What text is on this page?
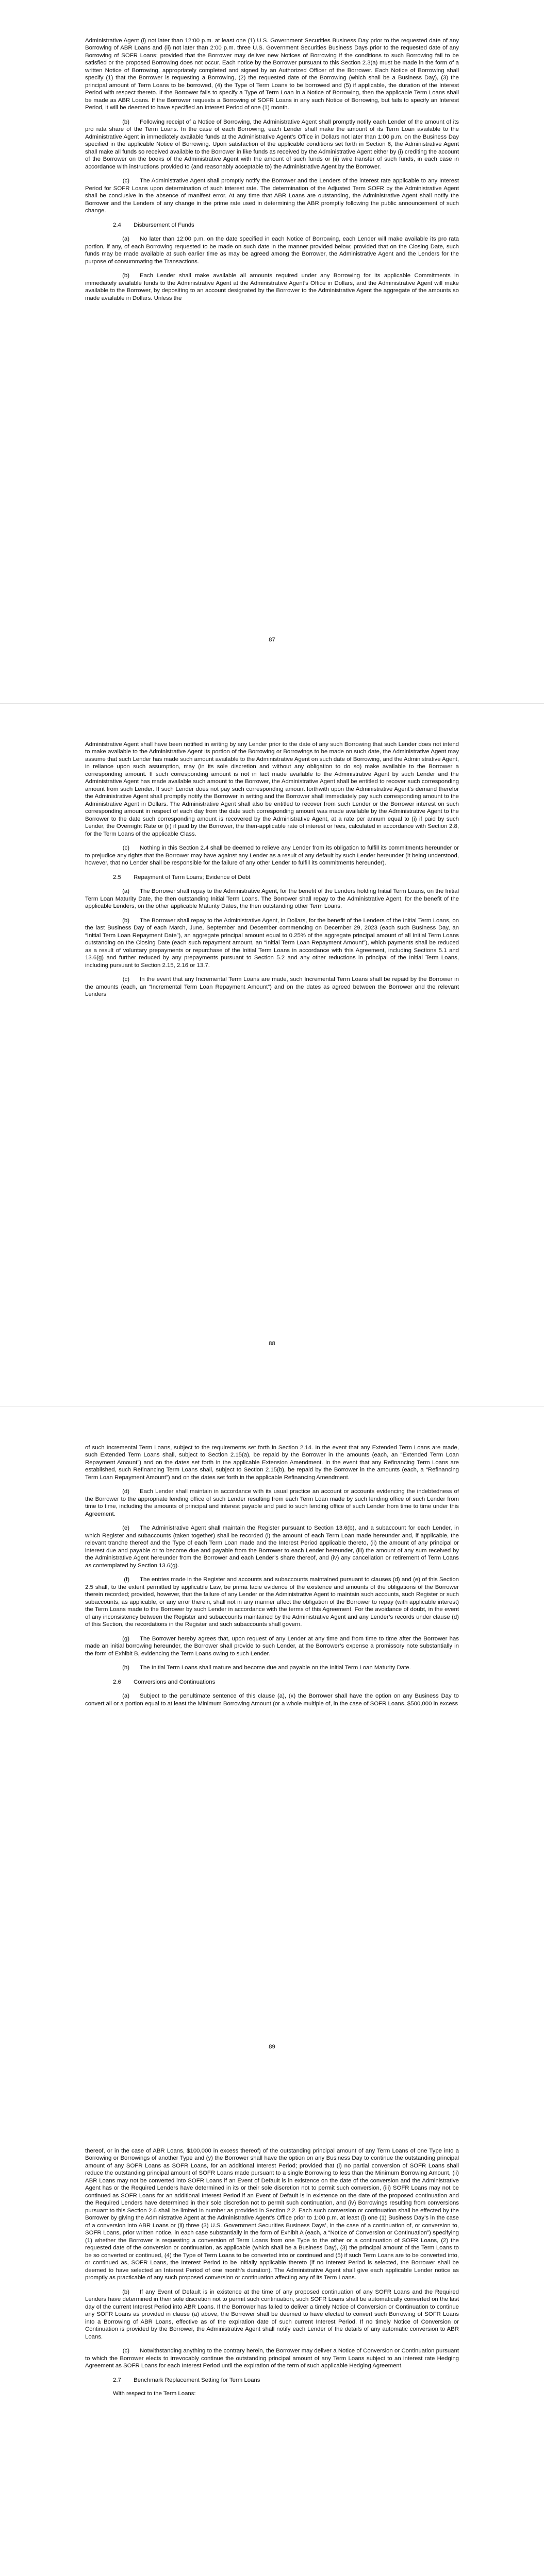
Administrative Agent (i) not later than 12:00 p.m. at least one (1) U.S. Government Securities Business Day prior to the requested date of any Borrowing of ABR Loans and (ii) not later than 2:00 p.m. three U.S. Government Securities Business Days prior to the requested date of any Borrowing of SOFR Loans; provided that the Borrower may deliver new Notices of Borrowing if the conditions to such Borrowing fail to be satisfied or the proposed Borrowing does not occur. Each notice by the Borrower pursuant to this Section 2.3(a) must be made in the form of a written Notice of Borrowing, appropriately completed and signed by an Authorized Officer of the Borrower. Each Notice of Borrowing shall specify (1) that the Borrower is requesting a Borrowing, (2) the requested date of the Borrowing (which shall be a Business Day), (3) the principal amount of Term Loans to be borrowed, (4) the Type of Term Loans to be borrowed and (5) if applicable, the duration of the Interest Period with respect thereto. If the Borrower fails to specify a Type of Term Loan in a Notice of Borrowing, then the applicable Term Loans shall be made as ABR Loans. If the Borrower requests a Borrowing of SOFR Loans in any such Notice of Borrowing, but fails to specify an Interest Period, it will be deemed to have specified an Interest Period of one (1) month.

(b) Following receipt of a Notice of Borrowing, the Administrative Agent shall promptly notify each Lender of the amount of its pro rata share of the Term Loans. In the case of each Borrowing, each Lender shall make the amount of its Term Loan available to the Administrative Agent in immediately available funds at the Administrative Agent’s Office in Dollars not later than 1:00 p.m. on the Business Day specified in the applicable Notice of Borrowing. Upon satisfaction of the applicable conditions set forth in Section 6, the Administrative Agent shall make all funds so received available to the Borrower in like funds as received by the Administrative Agent either by (i) crediting the account of the Borrower on the books of the Administrative Agent with the amount of such funds or (ii) wire transfer of such funds, in each case in accordance with instructions provided to (and reasonably acceptable to) the Administrative Agent by the Borrower.

(c) The Administrative Agent shall promptly notify the Borrower and the Lenders of the interest rate applicable to any Interest Period for SOFR Loans upon determination of such interest rate. The determination of the Adjusted Term SOFR by the Administrative Agent shall be conclusive in the absence of manifest error. At any time that ABR Loans are outstanding, the Administrative Agent shall notify the Borrower and the Lenders of any change in the prime rate used in determining the ABR promptly following the public announcement of such change.

2.4 Disbursement of Funds

(a) No later than 12:00 p.m. on the date specified in each Notice of Borrowing, each Lender will make available its pro rata portion, if any, of each Borrowing requested to be made on such date in the manner provided below; provided that on the Closing Date, such funds may be made available at such earlier time as may be agreed among the Borrower, the Administrative Agent and the Lenders for the purpose of consummating the Transactions.

(b) Each Lender shall make available all amounts required under any Borrowing for its applicable Commitments in immediately available funds to the Administrative Agent at the Administrative Agent’s Office in Dollars, and the Administrative Agent will make available to the Borrower, by depositing to an account designated by the Borrower to the Administrative Agent the aggregate of the amounts so made available in Dollars. Unless the

87

Administrative Agent shall have been notified in writing by any Lender prior to the date of any such Borrowing that such Lender does not intend to make available to the Administrative Agent its portion of the Borrowing or Borrowings to be made on such date, the Administrative Agent may assume that such Lender has made such amount available to the Administrative Agent on such date of Borrowing, and the Administrative Agent, in reliance upon such assumption, may (in its sole discretion and without any obligation to do so) make available to the Borrower a corresponding amount. If such corresponding amount is not in fact made available to the Administrative Agent by such Lender and the Administrative Agent has made available such amount to the Borrower, the Administrative Agent shall be entitled to recover such corresponding amount from such Lender. If such Lender does not pay such corresponding amount forthwith upon the Administrative Agent’s demand therefor the Administrative Agent shall promptly notify the Borrower in writing and the Borrower shall immediately pay such corresponding amount to the Administrative Agent in Dollars. The Administrative Agent shall also be entitled to recover from such Lender or the Borrower interest on such corresponding amount in respect of each day from the date such corresponding amount was made available by the Administrative Agent to the Borrower to the date such corresponding amount is recovered by the Administrative Agent, at a rate per annum equal to (i) if paid by such Lender, the Overnight Rate or (ii) if paid by the Borrower, the then-applicable rate of interest or fees, calculated in accordance with Section 2.8, for the Term Loans of the applicable Class.

(c) Nothing in this Section 2.4 shall be deemed to relieve any Lender from its obligation to fulfill its commitments hereunder or to prejudice any rights that the Borrower may have against any Lender as a result of any default by such Lender hereunder (it being understood, however, that no Lender shall be responsible for the failure of any other Lender to fulfill its commitments hereunder).

2.5 Repayment of Term Loans; Evidence of Debt

(a) The Borrower shall repay to the Administrative Agent, for the benefit of the Lenders holding Initial Term Loans, on the Initial Term Loan Maturity Date, the then outstanding Initial Term Loans. The Borrower shall repay to the Administrative Agent, for the benefit of the applicable Lenders, on the other applicable Maturity Dates, the then outstanding other Term Loans.

(b) The Borrower shall repay to the Administrative Agent, in Dollars, for the benefit of the Lenders of the Initial Term Loans, on the last Business Day of each March, June, September and December commencing on December 29, 2023 (each such Business Day, an “Initial Term Loan Repayment Date”), an aggregate principal amount equal to 0.25% of the aggregate principal amount of all Initial Term Loans outstanding on the Closing Date (each such repayment amount, an “Initial Term Loan Repayment Amount”), which payments shall be reduced as a result of voluntary prepayments or repurchase of the Initial Term Loans in accordance with this Agreement, including Sections 5.1 and 13.6(g) and further reduced by any prepayments pursuant to Section 5.2 and any other reductions in principal of the Initial Term Loans, including pursuant to Section 2.15, 2.16 or 13.7.

(c) In the event that any Incremental Term Loans are made, such Incremental Term Loans shall be repaid by the Borrower in the amounts (each, an “Incremental Term Loan Repayment Amount”) and on the dates as agreed between the Borrower and the relevant Lenders

88

of such Incremental Term Loans, subject to the requirements set forth in Section 2.14. In the event that any Extended Term Loans are made, such Extended Term Loans shall, subject to Section 2.15(a), be repaid by the Borrower in the amounts (each, an “Extended Term Loan Repayment Amount”) and on the dates set forth in the applicable Extension Amendment. In the event that any Refinancing Term Loans are established, such Refinancing Term Loans shall, subject to Section 2.15(b), be repaid by the Borrower in the amounts (each, a “Refinancing Term Loan Repayment Amount”) and on the dates set forth in the applicable Refinancing Amendment.

(d) Each Lender shall maintain in accordance with its usual practice an account or accounts evidencing the indebtedness of the Borrower to the appropriate lending office of such Lender resulting from each Term Loan made by such lending office of such Lender from time to time, including the amounts of principal and interest payable and paid to such lending office of such Lender from time to time under this Agreement.

(e) The Administrative Agent shall maintain the Register pursuant to Section 13.6(b), and a subaccount for each Lender, in which Register and subaccounts (taken together) shall be recorded (i) the amount of each Term Loan made hereunder and, if applicable, the relevant tranche thereof and the Type of each Term Loan made and the Interest Period applicable thereto, (ii) the amount of any principal or interest due and payable or to become due and payable from the Borrower to each Lender hereunder, (iii) the amount of any sum received by the Administrative Agent hereunder from the Borrower and each Lender’s share thereof, and (iv) any cancellation or retirement of Term Loans as contemplated by Section 13.6(g).

(f) The entries made in the Register and accounts and subaccounts maintained pursuant to clauses (d) and (e) of this Section 2.5 shall, to the extent permitted by applicable Law, be prima facie evidence of the existence and amounts of the obligations of the Borrower therein recorded; provided, however, that the failure of any Lender or the Administrative Agent to maintain such accounts, such Register or such subaccounts, as applicable, or any error therein, shall not in any manner affect the obligation of the Borrower to repay (with applicable interest) the Term Loans made to the Borrower by such Lender in accordance with the terms of this Agreement. For the avoidance of doubt, in the event of any inconsistency between the Register and subaccounts maintained by the Administrative Agent and any Lender’s records under clause (d) of this Section, the recordations in the Register and such subaccounts shall govern.

(g) The Borrower hereby agrees that, upon request of any Lender at any time and from time to time after the Borrower has made an initial borrowing hereunder, the Borrower shall provide to such Lender, at the Borrower’s expense a promissory note substantially in the form of Exhibit B, evidencing the Term Loans owing to such Lender.

(h) The Initial Term Loans shall mature and become due and payable on the Initial Term Loan Maturity Date.

2.6 Conversions and Continuations

(a) Subject to the penultimate sentence of this clause (a), (x) the Borrower shall have the option on any Business Day to convert all or a portion equal to at least the Minimum Borrowing Amount (or a whole multiple of, in the case of SOFR Loans, $500,000 in excess

89

thereof, or in the case of ABR Loans, $100,000 in excess thereof) of the outstanding principal amount of any Term Loans of one Type into a Borrowing or Borrowings of another Type and (y) the Borrower shall have the option on any Business Day to continue the outstanding principal amount of any SOFR Loans as SOFR Loans, for an additional Interest Period; provided that (i) no partial conversion of SOFR Loans shall reduce the outstanding principal amount of SOFR Loans made pursuant to a single Borrowing to less than the Minimum Borrowing Amount, (ii) ABR Loans may not be converted into SOFR Loans if an Event of Default is in existence on the date of the conversion and the Administrative Agent has or the Required Lenders have determined in its or their sole discretion not to permit such conversion, (iii) SOFR Loans may not be continued as SOFR Loans for an additional Interest Period if an Event of Default is in existence on the date of the proposed continuation and the Required Lenders have determined in their sole discretion not to permit such continuation, and (iv) Borrowings resulting from conversions pursuant to this Section 2.6 shall be limited in number as provided in Section 2.2. Each such conversion or continuation shall be effected by the Borrower by giving the Administrative Agent at the Administrative Agent’s Office prior to 1:00 p.m. at least (i) one (1) Business Day’s in the case of a conversion into ABR Loans or (ii) three (3) U.S. Government Securities Business Days’, in the case of a continuation of, or conversion to, SOFR Loans, prior written notice, in each case substantially in the form of Exhibit A (each, a “Notice of Conversion or Continuation”) specifying (1) whether the Borrower is requesting a conversion of Term Loans from one Type to the other or a continuation of SOFR Loans, (2) the requested date of the conversion or continuation, as applicable (which shall be a Business Day), (3) the principal amount of the Term Loans to be so converted or continued, (4) the Type of Term Loans to be converted into or continued and (5) if such Term Loans are to be converted into, or continued as, SOFR Loans, the Interest Period to be initially applicable thereto (if no Interest Period is selected, the Borrower shall be deemed to have selected an Interest Period of one month’s duration). The Administrative Agent shall give each applicable Lender notice as promptly as practicable of any such proposed conversion or continuation affecting any of its Term Loans.

(b) If any Event of Default is in existence at the time of any proposed continuation of any SOFR Loans and the Required Lenders have determined in their sole discretion not to permit such continuation, such SOFR Loans shall be automatically converted on the last day of the current Interest Period into ABR Loans. If the Borrower has failed to deliver a timely Notice of Conversion or Continuation to continue any SOFR Loans as provided in clause (a) above, the Borrower shall be deemed to have elected to convert such Borrowing of SOFR Loans into a Borrowing of ABR Loans, effective as of the expiration date of such current Interest Period. If no timely Notice of Conversion or Continuation is provided by the Borrower, the Administrative Agent shall notify each Lender of the details of any automatic conversion to ABR Loans.

(c) Notwithstanding anything to the contrary herein, the Borrower may deliver a Notice of Conversion or Continuation pursuant to which the Borrower elects to irrevocably continue the outstanding principal amount of any Term Loans subject to an interest rate Hedging Agreement as SOFR Loans for each Interest Period until the expiration of the term of such applicable Hedging Agreement.

2.7 Benchmark Replacement Setting for Term Loans

With respect to the Term Loans:
